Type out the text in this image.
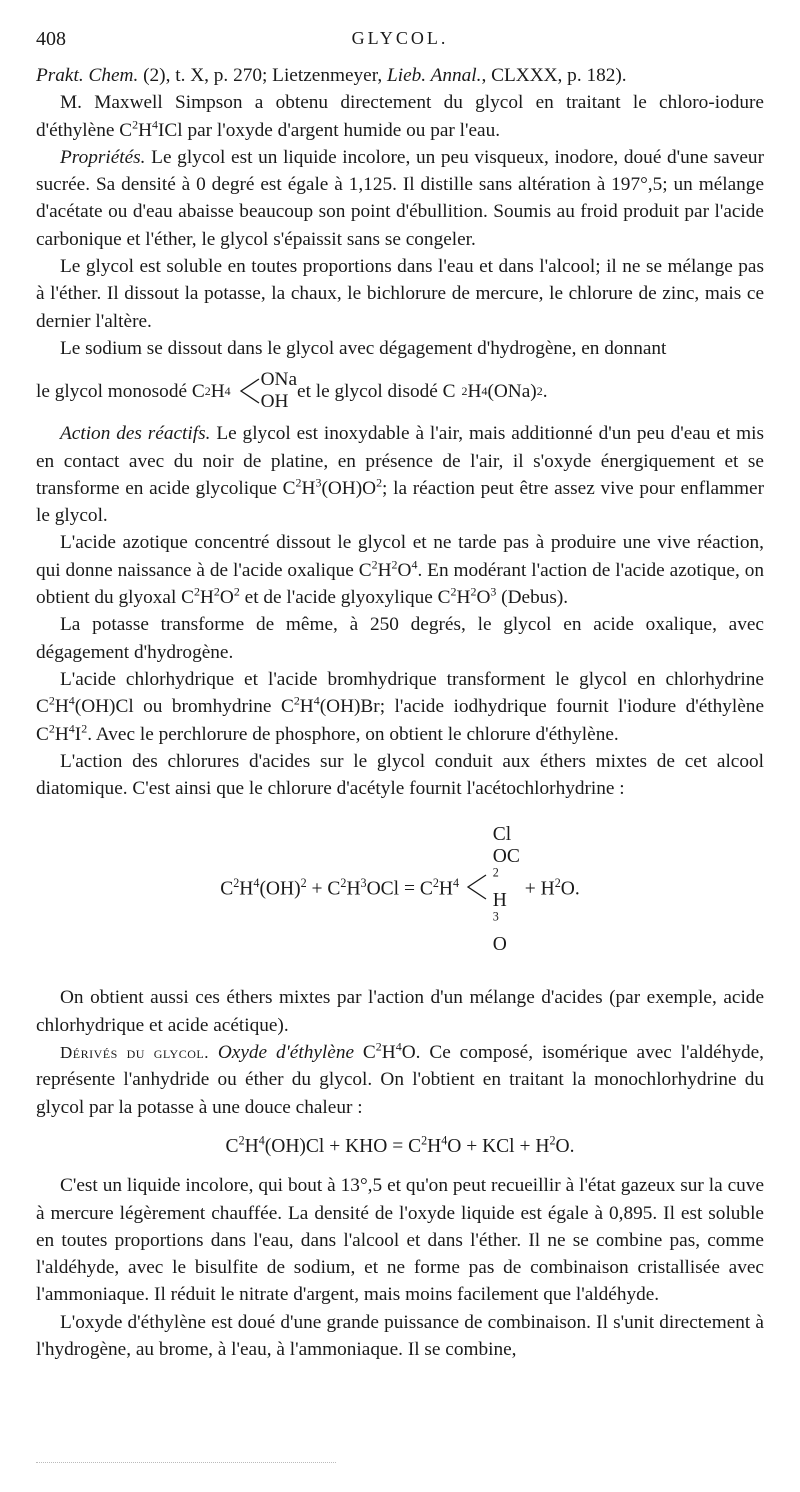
408	GLYCOL.

Prakt. Chem. (2), t. X, p. 270; Lietzenmeyer, Lieb. Annal., CLXXX, p. 182).

M. Maxwell Simpson a obtenu directement du glycol en traitant le chloro-iodure d'éthylène $C^2H^4ICl$ par l'oxyde d'argent humide ou par l'eau.

Propriétés. Le glycol est un liquide incolore, un peu visqueux, inodore, doué d'une saveur sucrée. Sa densité à 0 degré est égale à 1,125. Il distille sans altération à 197°,5; un mélange d'acétate ou d'eau abaisse beaucoup son point d'ébullition. Soumis au froid produit par l'acide carbonique et l'éther, le glycol s'épaissit sans se congeler.

Le glycol est soluble en toutes proportions dans l'eau et dans l'alcool; il ne se mélange pas à l'éther. Il dissout la potasse, la chaux, le bichlorure de mercure, le chlorure de zinc, mais ce dernier l'altère.

Le sodium se dissout dans le glycol avec dégagement d'hydrogène, en donnant

le glycol monosodé C 2 H 4
ONa
OH
et le glycol disodé C 2 H 4 (ONa) 2 .

Action des réactifs. Le glycol est inoxydable à l'air, mais additionné d'un peu d'eau et mis en contact avec du noir de platine, en présence de l'air, il s'oxyde énergiquement et se transforme en acide glycolique $C^2H^3(OH)O^2$; la réaction peut être assez vive pour enflammer le glycol.

L'acide azotique concentré dissout le glycol et ne tarde pas à produire une vive réaction, qui donne naissance à de l'acide oxalique $C^2H^2O^4$. En modérant l'action de l'acide azotique, on obtient du glyoxal $C^2H^2O^2$ et de l'acide glyoxylique $C^2H^2O^3$ (Debus).

La potasse transforme de même, à 250 degrés, le glycol en acide oxalique, avec dégagement d'hydrogène.

L'acide chlorhydrique et l'acide bromhydrique transforment le glycol en chlorhydrine $C^2H^4(OH)Cl$ ou bromhydrine $C^2H^4(OH)Br$; l'acide iodhydrique fournit l'iodure d'éthylène $C^2H^4I^2$. Avec le perchlorure de phosphore, on obtient le chlorure d'éthylène.

L'action des chlorures d'acides sur le glycol conduit aux éthers mixtes de cet alcool diatomique. C'est ainsi que le chlorure d'acétyle fournit l'acétochlorhydrine :

$C^2H^4(OH)^2 + C^2H^3OCl = C^2H^4$

Cl
OC
$^2$
H
$^3$
O
+ $H^2O$.

On obtient aussi ces éthers mixtes par l'action d'un mélange d'acides (par exemple, acide chlorhydrique et acide acétique).

Dérivés du glycol. Oxyde d'éthylène $C^2H^4O$. Ce composé, isomérique avec l'aldéhyde, représente l'anhydride ou éther du glycol. On l'obtient en traitant la monochlorhydrine du glycol par la potasse à une douce chaleur :

$C^2H^4(OH)Cl$ + KHO = $C^2H^4O$ + KCl + $H^2O$.

C'est un liquide incolore, qui bout à 13°,5 et qu'on peut recueillir à l'état gazeux sur la cuve à mercure légèrement chauffée. La densité de l'oxyde liquide est égale à 0,895. Il est soluble en toutes proportions dans l'eau, dans l'alcool et dans l'éther. Il ne se combine pas, comme l'aldéhyde, avec le bisulfite de sodium, et ne forme pas de combinaison cristallisée avec l'ammoniaque. Il réduit le nitrate d'argent, mais moins facilement que l'aldéhyde.

L'oxyde d'éthylène est doué d'une grande puissance de combinaison. Il s'unit directement à l'hydrogène, au brome, à l'eau, à l'ammoniaque. Il se combine,
